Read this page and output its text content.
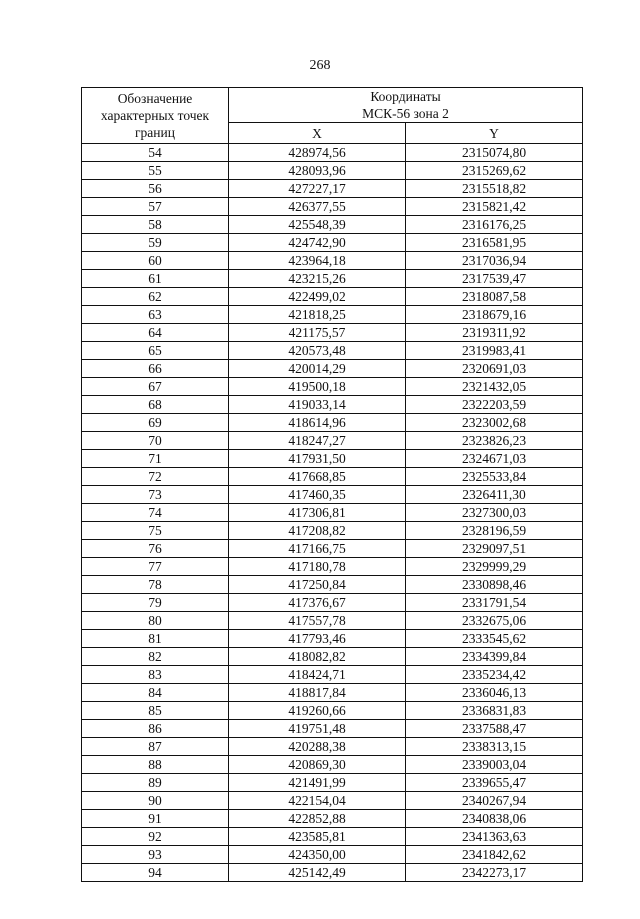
268
Обозначение характерных точек границ	Координаты
МСК-56 зона 2	

	X	Y
54	428974,56	2315074,80
55	428093,96	2315269,62
56	427227,17	2315518,82
57	426377,55	2315821,42
58	425548,39	2316176,25
59	424742,90	2316581,95
60	423964,18	2317036,94
61	423215,26	2317539,47
62	422499,02	2318087,58
63	421818,25	2318679,16
64	421175,57	2319311,92
65	420573,48	2319983,41
66	420014,29	2320691,03
67	419500,18	2321432,05
68	419033,14	2322203,59
69	418614,96	2323002,68
70	418247,27	2323826,23
71	417931,50	2324671,03
72	417668,85	2325533,84
73	417460,35	2326411,30
74	417306,81	2327300,03
75	417208,82	2328196,59
76	417166,75	2329097,51
77	417180,78	2329999,29
78	417250,84	2330898,46
79	417376,67	2331791,54
80	417557,78	2332675,06
81	417793,46	2333545,62
82	418082,82	2334399,84
83	418424,71	2335234,42
84	418817,84	2336046,13
85	419260,66	2336831,83
86	419751,48	2337588,47
87	420288,38	2338313,15
88	420869,30	2339003,04
89	421491,99	2339655,47
90	422154,04	2340267,94
91	422852,88	2340838,06
92	423585,81	2341363,63
93	424350,00	2341842,62
94	425142,49	2342273,17
